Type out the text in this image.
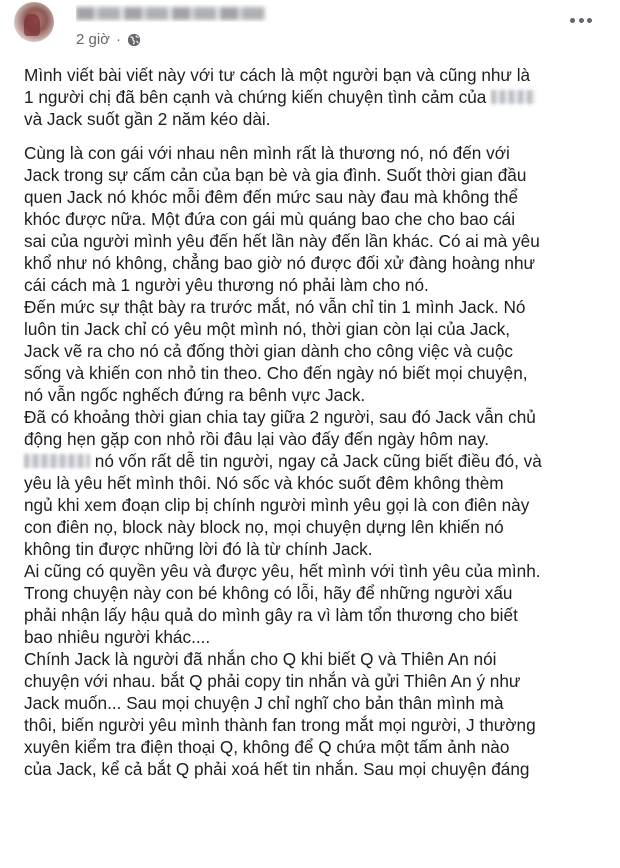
2 giờ ·

Mình viết bài viết này với tư cách là một người bạn và cũng như là
1 người chị đã bên cạnh và chứng kiến chuyện tình cảm của
và Jack suốt gần 2 năm kéo dài.

Cùng là con gái với nhau nên mình rất là thương nó, nó đến với
Jack trong sự cấm cản của bạn bè và gia đình. Suốt thời gian đầu
quen Jack nó khóc mỗi đêm đến mức sau này đau mà không thể
khóc được nữa. Một đứa con gái mù quáng bao che cho bao cái
sai của người mình yêu đến hết lần này đến lần khác. Có ai mà yêu
khổ như nó không, chẳng bao giờ nó được đối xử đàng hoàng như
cái cách mà 1 người yêu thương nó phải làm cho nó.

Đến mức sự thật bày ra trước mắt, nó vẫn chỉ tin 1 mình Jack. Nó
luôn tin Jack chỉ có yêu một mình nó, thời gian còn lại của Jack,
Jack vẽ ra cho nó cả đống thời gian dành cho công việc và cuộc
sống và khiến con nhỏ tin theo. Cho đến ngày nó biết mọi chuyện,
nó vẫn ngốc nghếch đứng ra bênh vực Jack.

Đã có khoảng thời gian chia tay giữa 2 người, sau đó Jack vẫn chủ
động hẹn gặp con nhỏ rồi đâu lại vào đấy đến ngày hôm nay.

nó vốn rất dễ tin người, ngay cả Jack cũng biết điều đó, và
yêu là yêu hết mình thôi. Nó sốc và khóc suốt đêm không thèm
ngủ khi xem đoạn clip bị chính người mình yêu gọi là con điên này
con điên nọ, block này block nọ, mọi chuyện dựng lên khiến nó
không tin được những lời đó là từ chính Jack.

Ai cũng có quyền yêu và được yêu, hết mình với tình yêu của mình.
Trong chuyện này con bé không có lỗi, hãy để những người xấu
phải nhận lấy hậu quả do mình gây ra vì làm tổn thương cho biết
bao nhiêu người khác....

Chính Jack là người đã nhắn cho Q khi biết Q và Thiên An nói
chuyện với nhau. bắt Q phải copy tin nhắn và gửi Thiên An ý như
Jack muốn... Sau mọi chuyện J chỉ nghĩ cho bản thân mình mà
thôi, biến người yêu mình thành fan trong mắt mọi người, J thường
xuyên kiểm tra điện thoại Q, không để Q chứa một tấm ảnh nào
của Jack, kể cả bắt Q phải xoá hết tin nhắn. Sau mọi chuyện đáng
